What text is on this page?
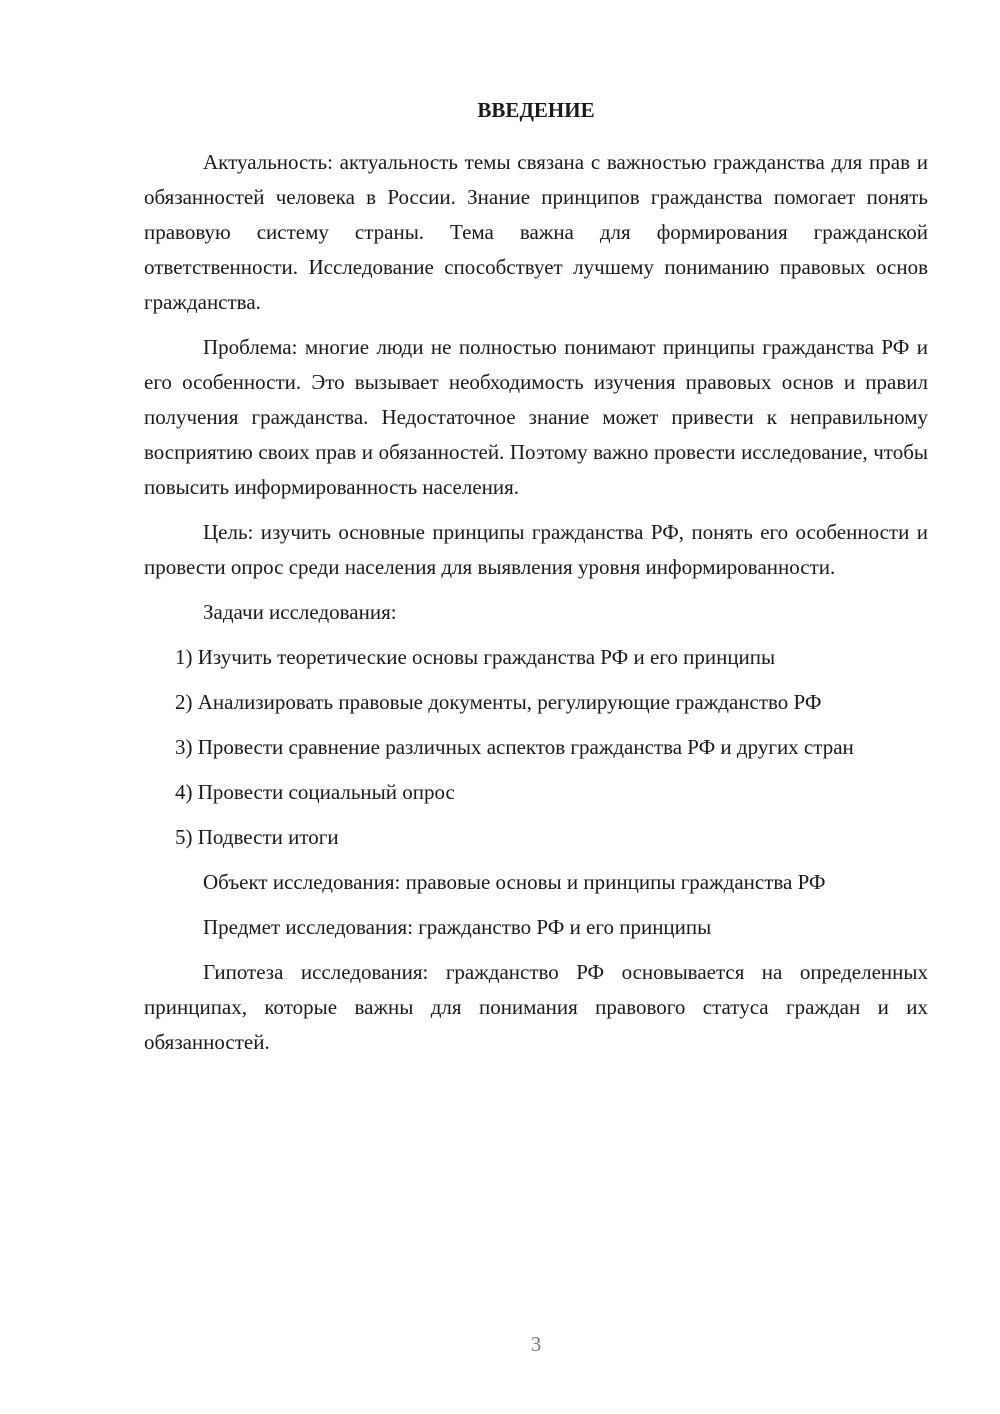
ВВЕДЕНИЕ

Актуальность: актуальность темы связана с важностью гражданства для прав и обязанностей человека в России. Знание принципов гражданства помогает понять правовую систему страны. Тема важна для формирования гражданской ответственности. Исследование способствует лучшему пониманию правовых основ гражданства.

Проблема: многие люди не полностью понимают принципы гражданства РФ и его особенности. Это вызывает необходимость изучения правовых основ и правил получения гражданства. Недостаточное знание может привести к неправильному восприятию своих прав и обязанностей. Поэтому важно провести исследование, чтобы повысить информированность населения.

Цель: изучить основные принципы гражданства РФ, понять его особенности и провести опрос среди населения для выявления уровня информированности.

Задачи исследования:

1) Изучить теоретические основы гражданства РФ и его принципы

2) Анализировать правовые документы, регулирующие гражданство РФ

3) Провести сравнение различных аспектов гражданства РФ и других стран

4) Провести социальный опрос

5) Подвести итоги

Объект исследования: правовые основы и принципы гражданства РФ

Предмет исследования: гражданство РФ и его принципы

Гипотеза исследования: гражданство РФ основывается на определенных принципах, которые важны для понимания правового статуса граждан и их обязанностей.

3
